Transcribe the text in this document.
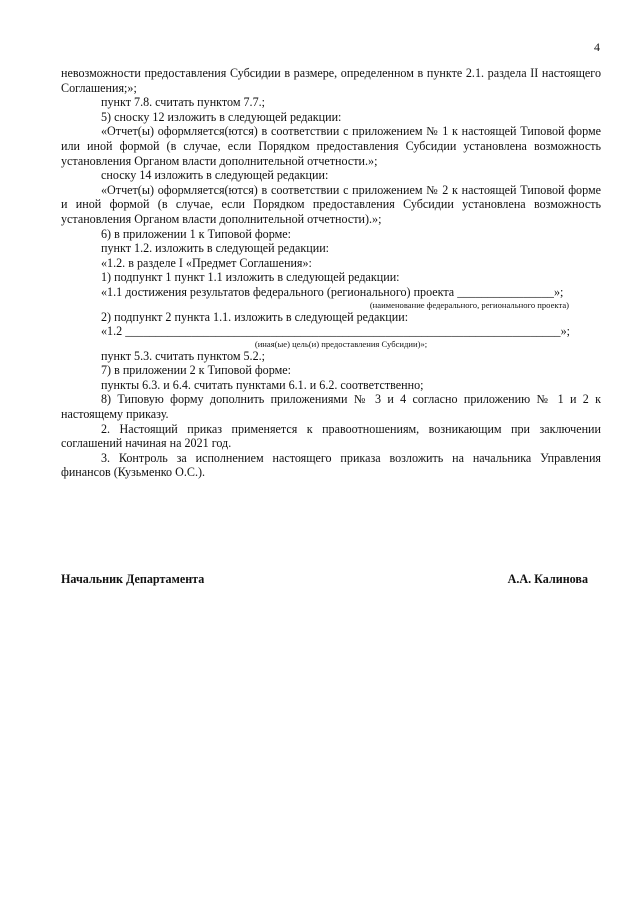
4

невозможности предоставления Субсидии в размере, определенном в пункте 2.1. раздела II настоящего Соглашения;»;

пункт 7.8. считать пунктом 7.7.;

5) сноску 12 изложить в следующей редакции:

«Отчет(ы) оформляется(ются) в соответствии с приложением № 1 к настоящей Типовой форме или иной формой (в случае, если Порядком предоставления Субсидии установлена возможность установления Органом власти дополнительной отчетности.»;

сноску 14 изложить в следующей редакции:

«Отчет(ы) оформляется(ются) в соответствии с приложением № 2 к настоящей Типовой форме и иной формой (в случае, если Порядком предоставления Субсидии установлена возможность установления Органом власти дополнительной отчетности).»;

6) в приложении 1 к Типовой форме:

пункт 1.2. изложить в следующей редакции:

«1.2. в разделе I «Предмет Соглашения»:

1) подпункт 1 пункт 1.1 изложить в следующей редакции:

«1.1 достижения результатов федерального (регионального) проекта ________________»;

(наименование федерального, регионального проекта)

2) подпункт 2 пункта 1.1. изложить в следующей редакции:

«1.2 ________________________________________________________________________»;

(иная(ые) цель(и) предоставления Субсидии)»;

пункт 5.3. считать пунктом 5.2.;

7) в приложении 2 к Типовой форме:

пункты 6.3. и 6.4. считать пунктами 6.1. и 6.2. соответственно;

8) Типовую форму дополнить приложениями № 3 и 4 согласно приложению № 1 и 2 к настоящему приказу.

2. Настоящий приказ применяется к правоотношениям, возникающим при заключении соглашений начиная на 2021 год.

3. Контроль за исполнением настоящего приказа возложить на начальника Управления финансов (Кузьменко О.С.).

Начальник Департамента	А.А. Калинова
